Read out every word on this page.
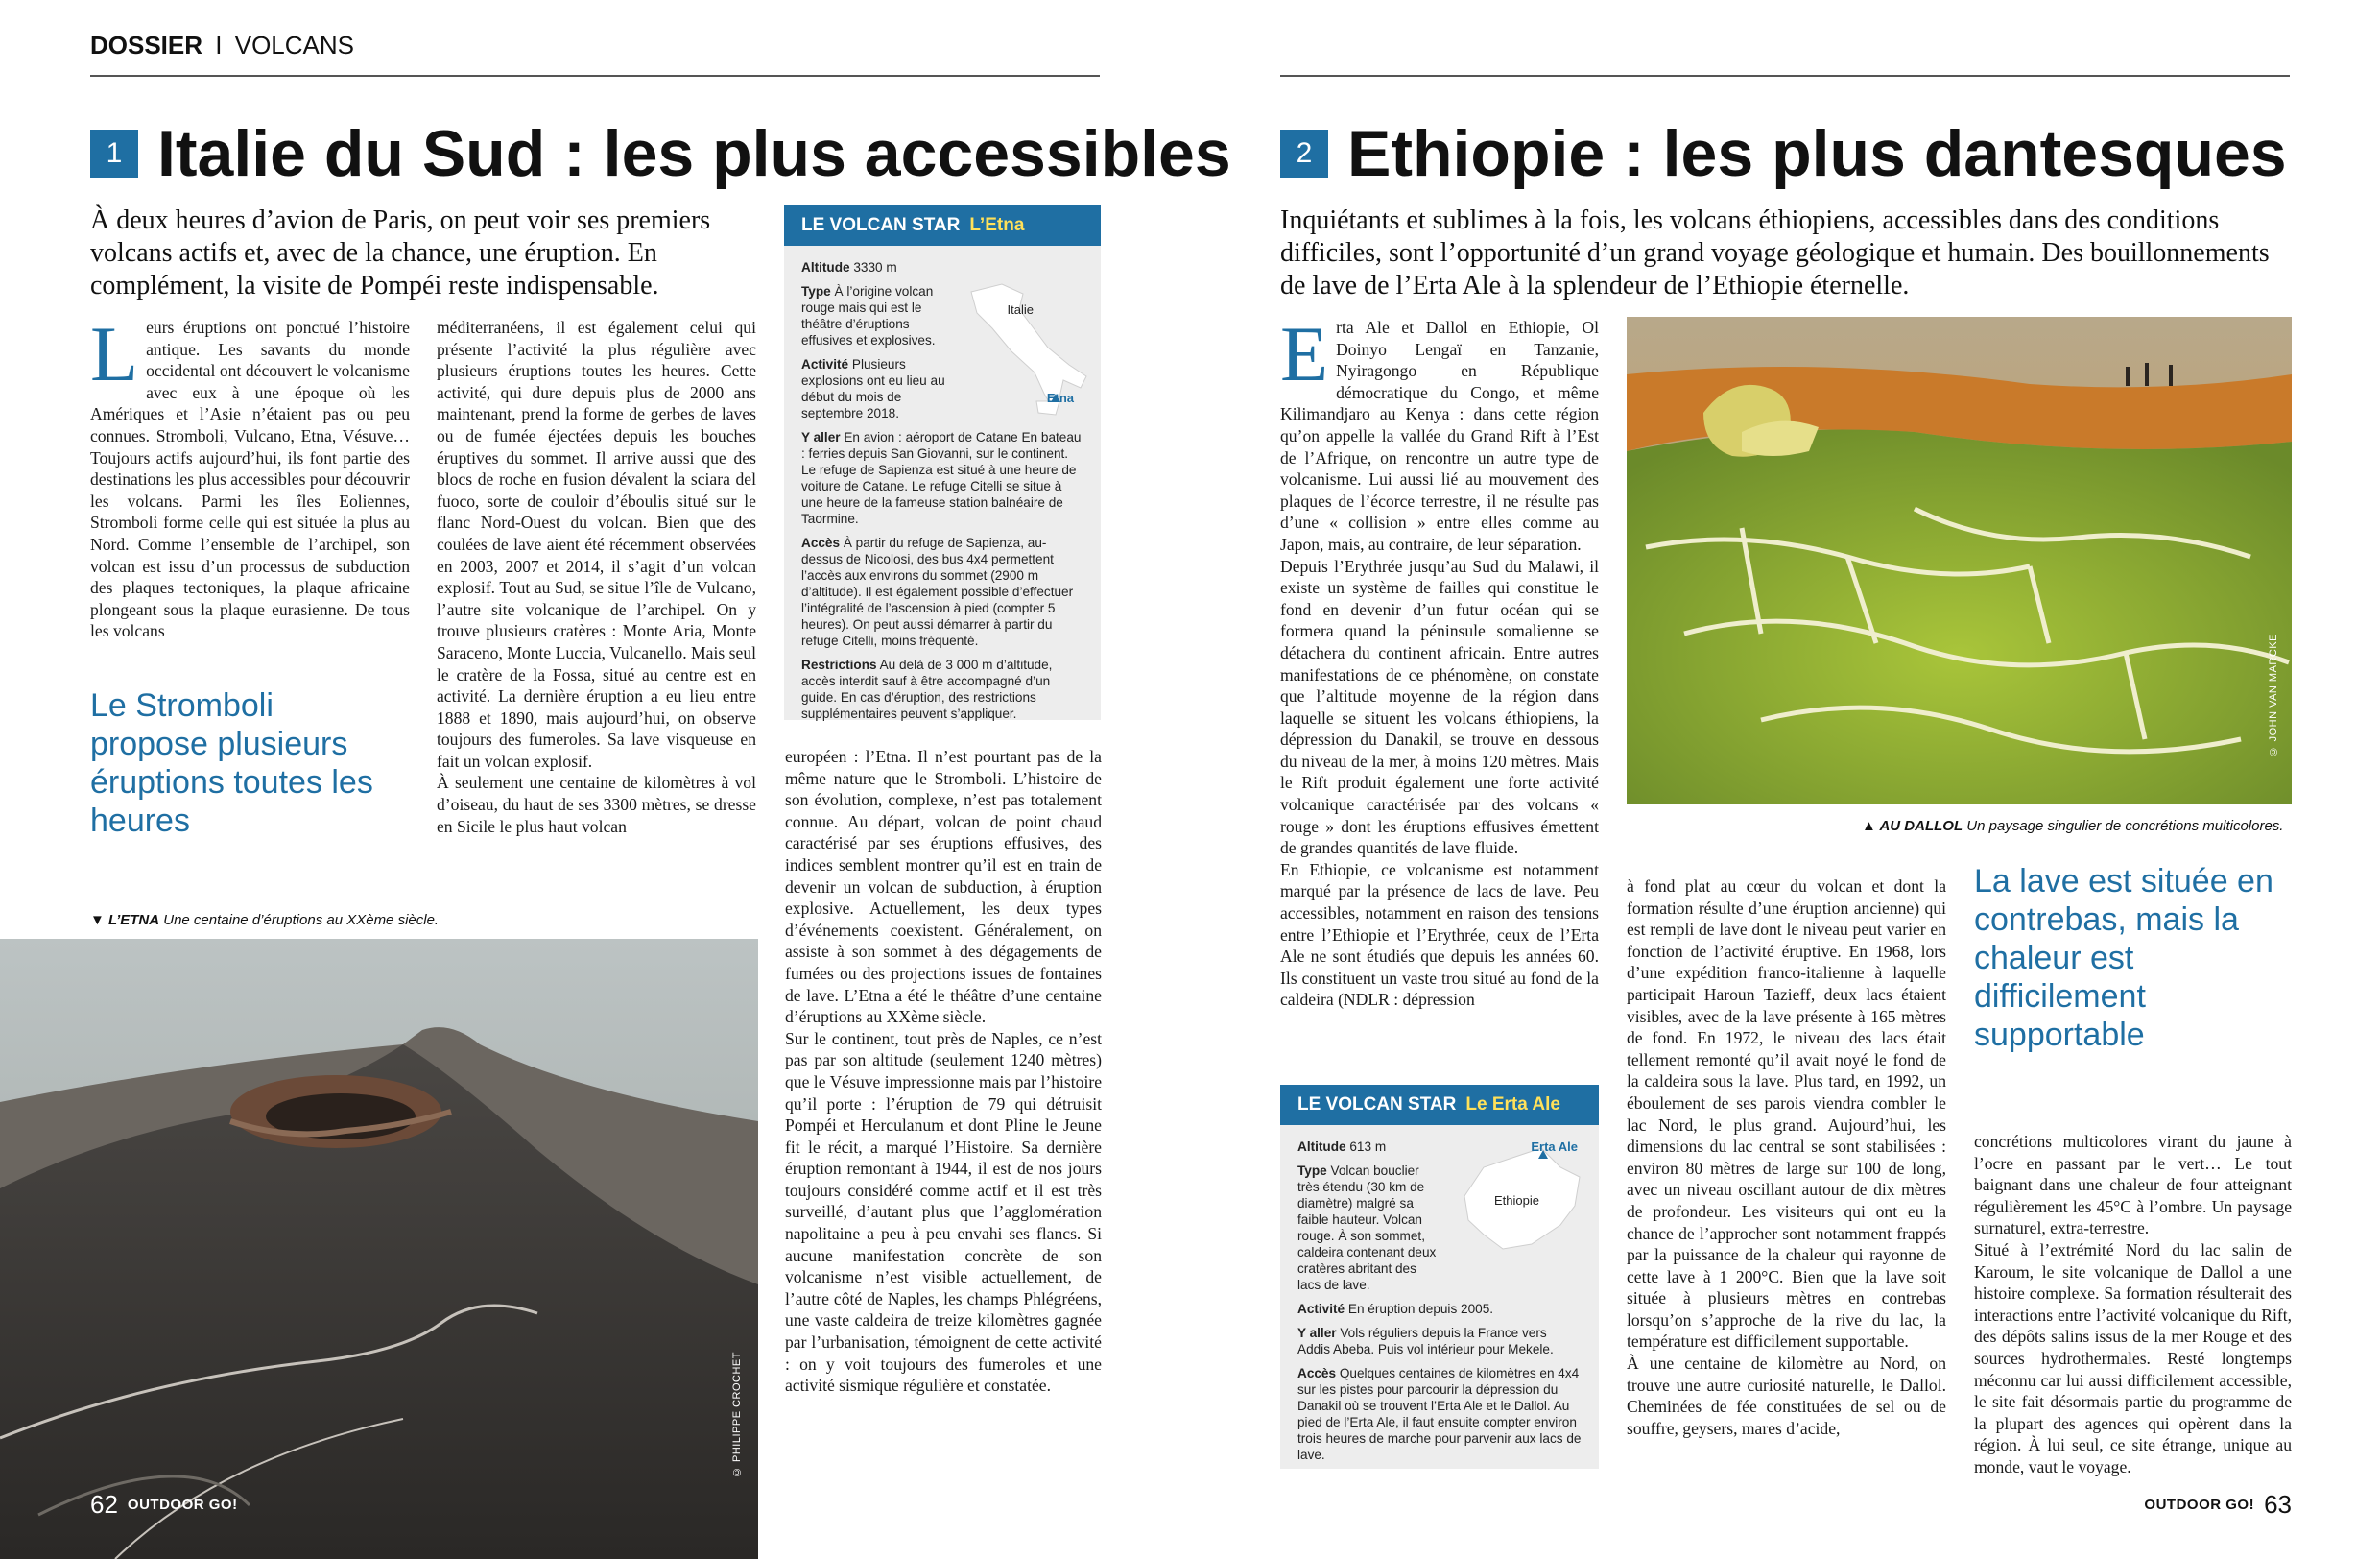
DOSSIER I VOLCANS
1 Italie du Sud : les plus accessibles
À deux heures d’avion de Paris, on peut voir ses premiers volcans actifs et, avec de la chance, une éruption. En complément, la visite de Pompéi reste indispensable.
L eurs éruptions ont ponctué l’histoire antique. Les savants du monde occidental ont découvert le volcanisme avec eux à une époque où les Amériques et l’Asie n’étaient pas ou peu connues. Stromboli, Vulcano, Etna, Vésuve… Toujours actifs aujourd’hui, ils font partie des destinations les plus accessibles pour découvrir les volcans. Parmi les îles Eoliennes, Stromboli forme celle qui est située la plus au Nord. Comme l’ensemble de l’archipel, son volcan est issu d’un processus de subduction des plaques tectoniques, la plaque africaine plongeant sous la plaque eurasienne. De tous les volcans
Le Stromboli propose plusieurs éruptions toutes les heures

méditerranéens, il est également celui qui présente l’activité la plus régulière avec plusieurs éruptions toutes les heures. Cette activité, qui dure depuis plus de 2000 ans maintenant, prend la forme de gerbes de laves ou de fumée éjectées depuis les bouches éruptives du sommet. Il arrive aussi que des blocs de roche en fusion dévalent la sciara del fuoco, sorte de couloir d’éboulis situé sur le flanc Nord-Ouest du volcan. Bien que des coulées de lave aient été récemment observées en 2003, 2007 et 2014, il s’agit d’un volcan explosif. Tout au Sud, se situe l’île de Vulcano, l’autre site volcanique de l’archipel. On y trouve plusieurs cratères : Monte Aria, Monte Saraceno, Monte Luccia, Vulcanello. Mais seul le cratère de la Fossa, situé au centre est en activité. La dernière éruption a eu lieu entre 1888 et 1890, mais aujourd’hui, on observe toujours des fumeroles. Sa lave visqueuse en fait un volcan explosif.

À seulement une centaine de kilomètres à vol d’oiseau, du haut de ses 3300 mètres, se dresse en Sicile le plus haut volcan

LE VOLCAN STAR L’Etna
Italie
Etna
Altitude 3330 m
Type À l’origine volcan rouge mais qui est le théâtre d’éruptions effusives et explosives.
Activité Plusieurs explosions ont eu lieu au début du mois de septembre 2018.
Y aller En avion : aéroport de Catane En bateau : ferries depuis San Giovanni, sur le continent. Le refuge de Sapienza est situé à une heure de voiture de Catane. Le refuge Citelli se situe à une heure de la fameuse station balnéaire de Taormine.
Accès À partir du refuge de Sapienza, au-dessus de Nicolosi, des bus 4x4 permettent l’accès aux environs du sommet (2900 m d’altitude). Il est également possible d’effectuer l’intégralité de l’ascension à pied (compter 5 heures). On peut aussi démarrer à partir du refuge Citelli, moins fréquenté.
Restrictions Au delà de 3 000 m d’altitude, accès interdit sauf à être accompagné d’un guide. En cas d’éruption, des restrictions supplémentaires peuvent s’appliquer.

européen : l’Etna. Il n’est pourtant pas de la même nature que le Stromboli. L’histoire de son évolution, complexe, n’est pas totalement connue. Au départ, volcan de point chaud caractérisé par ses éruptions effusives, des indices semblent montrer qu’il est en train de devenir un volcan de subduction, à éruption explosive. Actuellement, les deux types d’événements coexistent. Généralement, on assiste à son sommet à des dégagements de fumées ou des projections issues de fontaines de lave. L’Etna a été le théâtre d’une centaine d’éruptions au XXème siècle.

Sur le continent, tout près de Naples, ce n’est pas par son altitude (seulement 1240 mètres) que le Vésuve impressionne mais par l’histoire qu’il porte : l’éruption de 79 qui détruisit Pompéi et Herculanum et dont Pline le Jeune fit le récit, a marqué l’Histoire. Sa dernière éruption remontant à 1944, il est de nos jours toujours considéré comme actif et il est très surveillé, d’autant plus que l’agglomération napolitaine a peu à peu envahi ses flancs. Si aucune manifestation concrète de son volcanisme n’est visible actuellement, de l’autre côté de Naples, les champs Phlégréens, une vaste caldeira de treize kilomètres gagnée par l’urbanisation, témoignent de cette activité : on y voit toujours des fumeroles et une activité sismique régulière et constatée.

▼ L’ETNA Une centaine d’éruptions au XXème siècle.
© PHILIPPE CROCHET
62 OUTDOOR GO!
2 Ethiopie : les plus dantesques
Inquiétants et sublimes à la fois, les volcans éthiopiens, accessibles dans des conditions difficiles, sont l’opportunité d’un grand voyage géologique et humain. Des bouillonnements de lave de l’Erta Ale à la splendeur de l’Ethiopie éternelle.

Erta Ale et Dallol en Ethiopie, Ol Doinyo Lengaï en Tanzanie, Nyiragongo en République démocratique du Congo, et même Kilimandjaro au Kenya : dans cette région qu’on appelle la vallée du Grand Rift à l’Est de l’Afrique, on rencontre un autre type de volcanisme. Lui aussi lié au mouvement des plaques de l’écorce terrestre, il ne résulte pas d’une « collision » entre elles comme au Japon, mais, au contraire, de leur séparation.

Depuis l’Erythrée jusqu’au Sud du Malawi, il existe un système de failles qui constitue le fond en devenir d’un futur océan qui se formera quand la péninsule somalienne se détachera du continent africain. Entre autres manifestations de ce phénomène, on constate que l’altitude moyenne de la région dans laquelle se situent les volcans éthiopiens, la dépression du Danakil, se trouve en dessous du niveau de la mer, à moins 120 mètres. Mais le Rift produit également une forte activité volcanique caractérisée par des volcans « rouge » dont les éruptions effusives émettent de grandes quantités de lave fluide.

En Ethiopie, ce volcanisme est notamment marqué par la présence de lacs de lave. Peu accessibles, notamment en raison des tensions entre l’Ethiopie et l’Erythrée, ceux de l’Erta Ale ne sont étudiés que depuis les années 60. Ils constituent un vaste trou situé au fond de la caldeira (NDLR : dépression

© JOHN VAN MARCKE
▲ AU DALLOL Un paysage singulier de concrétions multicolores.
LE VOLCAN STAR Le Erta Ale
Erta Ale
Ethiopie
Altitude 613 m
Type Volcan bouclier très étendu (30 km de diamètre) malgré sa faible hauteur. Volcan rouge. À son sommet, caldeira contenant deux cratères abritant des lacs de lave.
Activité En éruption depuis 2005.
Y aller Vols réguliers depuis la France vers Addis Abeba. Puis vol intérieur pour Mekele.
Accès Quelques centaines de kilomètres en 4x4 sur les pistes pour parcourir la dépression du Danakil où se trouvent l’Erta Ale et le Dallol. Au pied de l’Erta Ale, il faut ensuite compter environ trois heures de marche pour parvenir aux lacs de lave.

à fond plat au cœur du volcan et dont la formation résulte d’une éruption ancienne) qui est rempli de lave dont le niveau peut varier en fonction de l’activité éruptive. En 1968, lors d’une expédition franco-italienne à laquelle participait Haroun Tazieff, deux lacs étaient visibles, avec de la lave présente à 165 mètres de fond. En 1972, le niveau des lacs était tellement remonté qu’il avait noyé le fond de la caldeira sous la lave. Plus tard, en 1992, un éboulement de ses parois viendra combler le lac Nord, le plus grand. Aujourd’hui, les dimensions du lac central se sont stabilisées : environ 80 mètres de large sur 100 de long, avec un niveau oscillant autour de dix mètres de profondeur. Les visiteurs qui ont eu la chance de l’approcher sont notamment frappés par la puissance de la chaleur qui rayonne de cette lave à 1 200°C. Bien que la lave soit située à plusieurs mètres en contrebas lorsqu’on s’approche de la rive du lac, la température est difficilement supportable.

À une centaine de kilomètre au Nord, on trouve une autre curiosité naturelle, le Dallol. Cheminées de fée constituées de sel ou de souffre, geysers, mares d’acide,

La lave est située en contrebas, mais la chaleur est difficilement supportable

concrétions multicolores virant du jaune à l’ocre en passant par le vert… Le tout baignant dans une chaleur de four atteignant régulièrement les 45°C à l’ombre. Un paysage surnaturel, extra-terrestre.

Situé à l’extrémité Nord du lac salin de Karoum, le site volcanique de Dallol a une histoire complexe. Sa formation résulterait des interactions entre l’activité volcanique du Rift, des dépôts salins issus de la mer Rouge et des sources hydrothermales. Resté longtemps méconnu car lui aussi difficilement accessible, le site fait désormais partie du programme de la plupart des agences qui opèrent dans la région. À lui seul, ce site étrange, unique au monde, vaut le voyage.

OUTDOOR GO! 63
